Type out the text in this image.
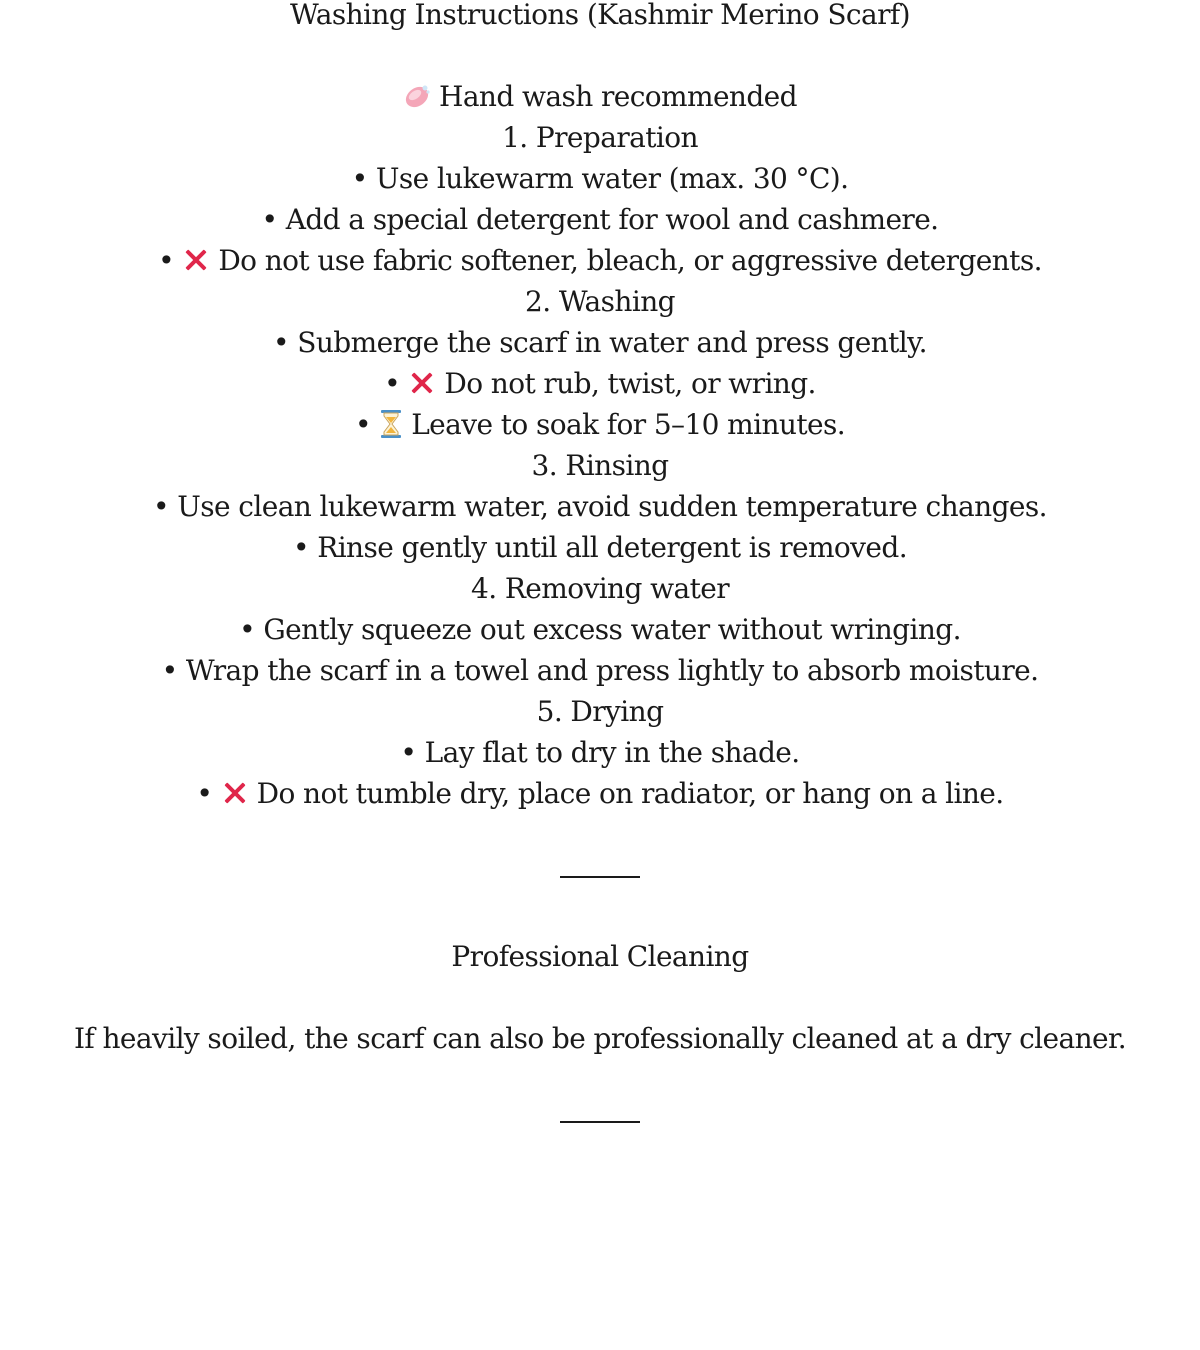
Washing Instructions (Kashmir Merino Scarf)
Hand wash recommended
1. Preparation
• Use lukewarm water (max. 30 °C).
• Add a special detergent for wool and cashmere.
• Do not use fabric softener, bleach, or aggressive detergents.
2. Washing
• Submerge the scarf in water and press gently.
• Do not rub, twist, or wring.
• Leave to soak for 5–10 minutes.
3. Rinsing
• Use clean lukewarm water, avoid sudden temperature changes.
• Rinse gently until all detergent is removed.
4. Removing water
• Gently squeeze out excess water without wringing.
• Wrap the scarf in a towel and press lightly to absorb moisture.
5. Drying
• Lay flat to dry in the shade.
• Do not tumble dry, place on radiator, or hang on a line.
Professional Cleaning
If heavily soiled, the scarf can also be professionally cleaned at a dry cleaner.
